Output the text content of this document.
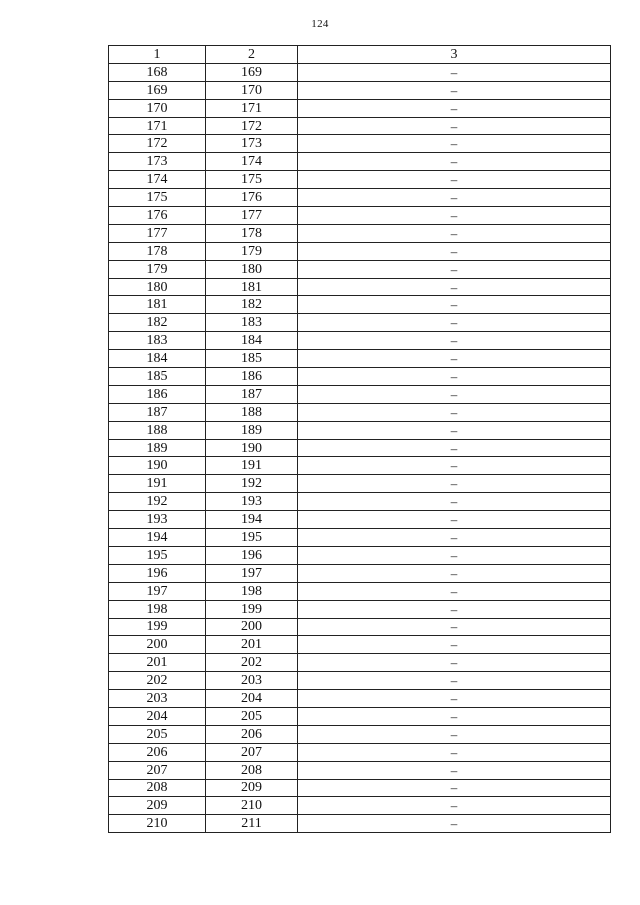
124
1	2	3
168	169	–
169	170	–
170	171	–
171	172	–
172	173	–
173	174	–
174	175	–
175	176	–
176	177	–
177	178	–
178	179	–
179	180	–
180	181	–
181	182	–
182	183	–
183	184	–
184	185	–
185	186	–
186	187	–
187	188	–
188	189	–
189	190	–
190	191	–
191	192	–
192	193	–
193	194	–
194	195	–
195	196	–
196	197	–
197	198	–
198	199	–
199	200	–
200	201	–
201	202	–
202	203	–
203	204	–
204	205	–
205	206	–
206	207	–
207	208	–
208	209	–
209	210	–
210	211	–
